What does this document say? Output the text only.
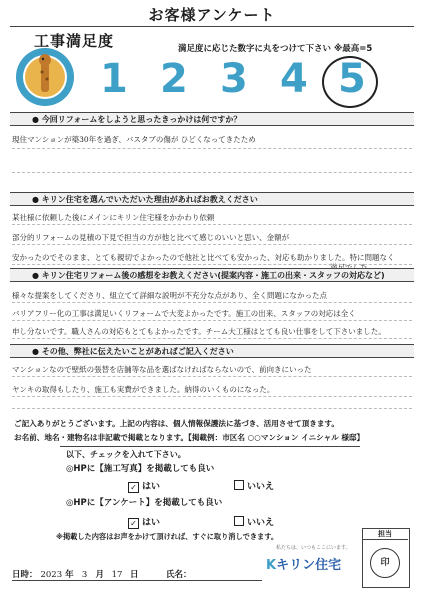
お客様アンケート
工事満足度	満足度に応じた数字に丸をつけて下さい ※最高=5
1 2 3 4 5
● 今回リフォームをしようと思ったきっかけは何ですか？
現住マンションが築30年を過ぎ、バスタブの傷が ひどくなってきたため
● キリン住宅を選んでいただいた理由があればお教えください
某社様に依頼した後にメインにキリン住宅様をかかわり依頼
部分的リフォームの見積の下見で担当の方が他と比べて感じのいいと思い、金額が
安かったのでそのまま、とても親切でよかったので他社と比べても安かった、対応も助かりました。特に問題なく
● キリン住宅リフォーム後の感想をお教えください(提案内容・施工の出来・スタッフの対応など)
様々な提案をしてくださり、組立てて詳細な説明が不充分な点があり、全く問題になかった点
バリアフリー化の工事は満足いくリフォームで大変よかったです。施工の出来、スタッフの対応は全く
申し分ないです。職人さんの対応もとてもよかったです。チーム大工様はとても良い仕事をして下さいました。
● その他、弊社に伝えたいことがあればご記入ください
マンションなので壁紙の張替を店舗等な品を選ばなければならないので、前向きにいった
ヤンキの取得もしたり、施工も実費ができました。納得のいくものになった。
ご記入ありがとうございます。上記の内容は、個人情報保護法に基づき、活用させて頂きます。
お名前、地名・建物名は非記載で掲載となります。【掲載例：市区名 ○○マンション イニシャル 様邸】
以下、チェックを入れて下さい。
◎HPに【施工写真】を掲載しても良い
✓ はい	いいえ
◎HPに【アンケート】を掲載しても良い
✓ はい	いいえ
※掲載した内容はお声をかけて頂ければ、すぐに取り消しできます。
日時： 2023 年 3 月 17 日	氏名：
私たちは、いつもここにいます。
Kキリン住宅
担当
印
